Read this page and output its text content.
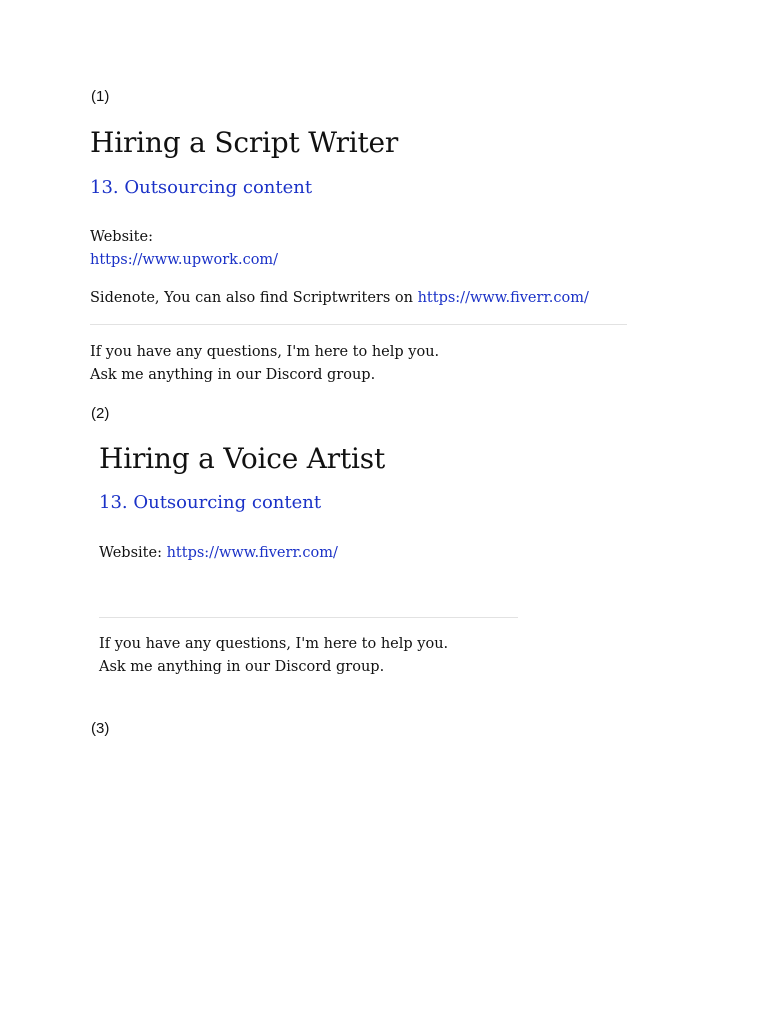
(1)
Hiring a Script Writer
13. Outsourcing content
Website:
https://www.upwork.com/
Sidenote, You can also find Scriptwriters on https://www.fiverr.com/
If you have any questions, I'm here to help you.
Ask me anything in our Discord group.
(2)
Hiring a Voice Artist
13. Outsourcing content
Website: https://www.fiverr.com/
If you have any questions, I'm here to help you.
Ask me anything in our Discord group.
(3)
